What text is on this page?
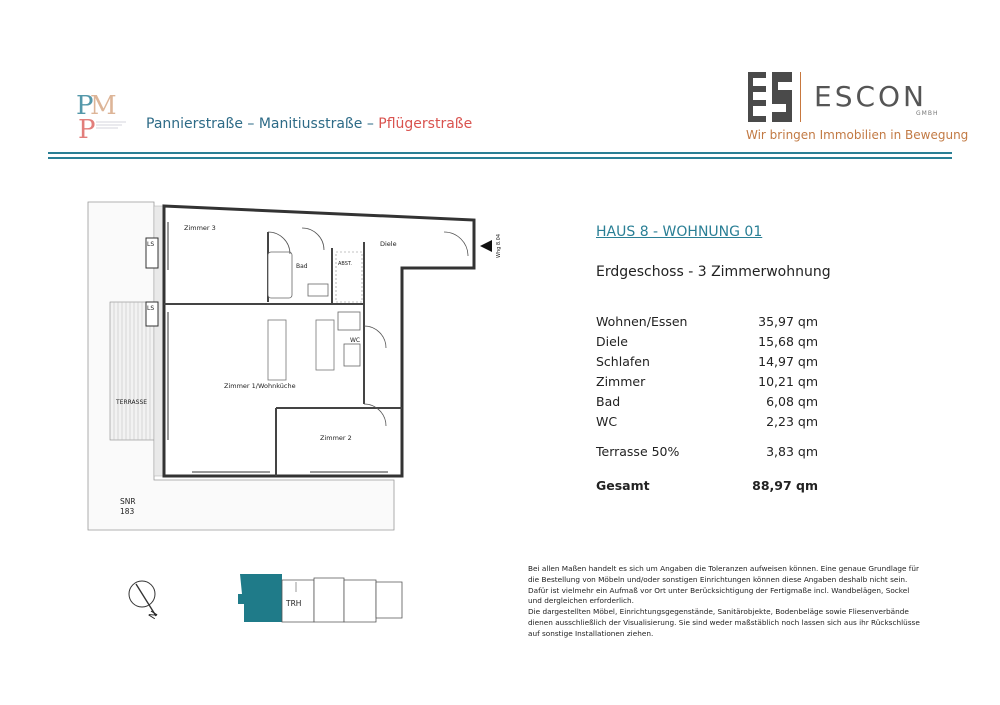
P
M
P	Pannierstraße – Manitiusstraße – Pflügerstraße
ESCON
GMBH
Wir bringen Immobilien in Bewegung
Zimmer 3
Bad	ABST.
Diele
WC
Zimmer 1/Wohnküche
Zimmer 2
TERRASSE
LS
LS
Whg 8.04
SNR
183
HAUS 8 - WOHNUNG 01
Erdgeschoss - 3 Zimmerwohnung
Wohnen/Essen	35,97 qm
Diele	15,68 qm
Schlafen	14,97 qm
Zimmer	10,21 qm
Bad	6,08 qm
WC	2,23 qm
Terrasse 50%	3,83 qm
Gesamt	88,97 qm

Bei allen Maßen handelt es sich um Angaben die Toleranzen aufweisen können. Eine genaue Grundlage für die Bestellung von Möbeln und/oder sonstigen Einrichtungen können diese Angaben deshalb nicht sein. Dafür ist vielmehr ein Aufmaß vor Ort unter Berücksichtigung der Fertigmaße incl. Wandbelägen, Sockel und dergleichen erforderlich.

Die dargestellten Möbel, Einrichtungsgegenstände, Sanitärobjekte, Bodenbeläge sowie Fliesenverbände dienen ausschließlich der Visualisierung. Sie sind weder maßstäblich noch lassen sich aus ihr Rückschlüsse auf sonstige Installationen ziehen.

N
TRH
